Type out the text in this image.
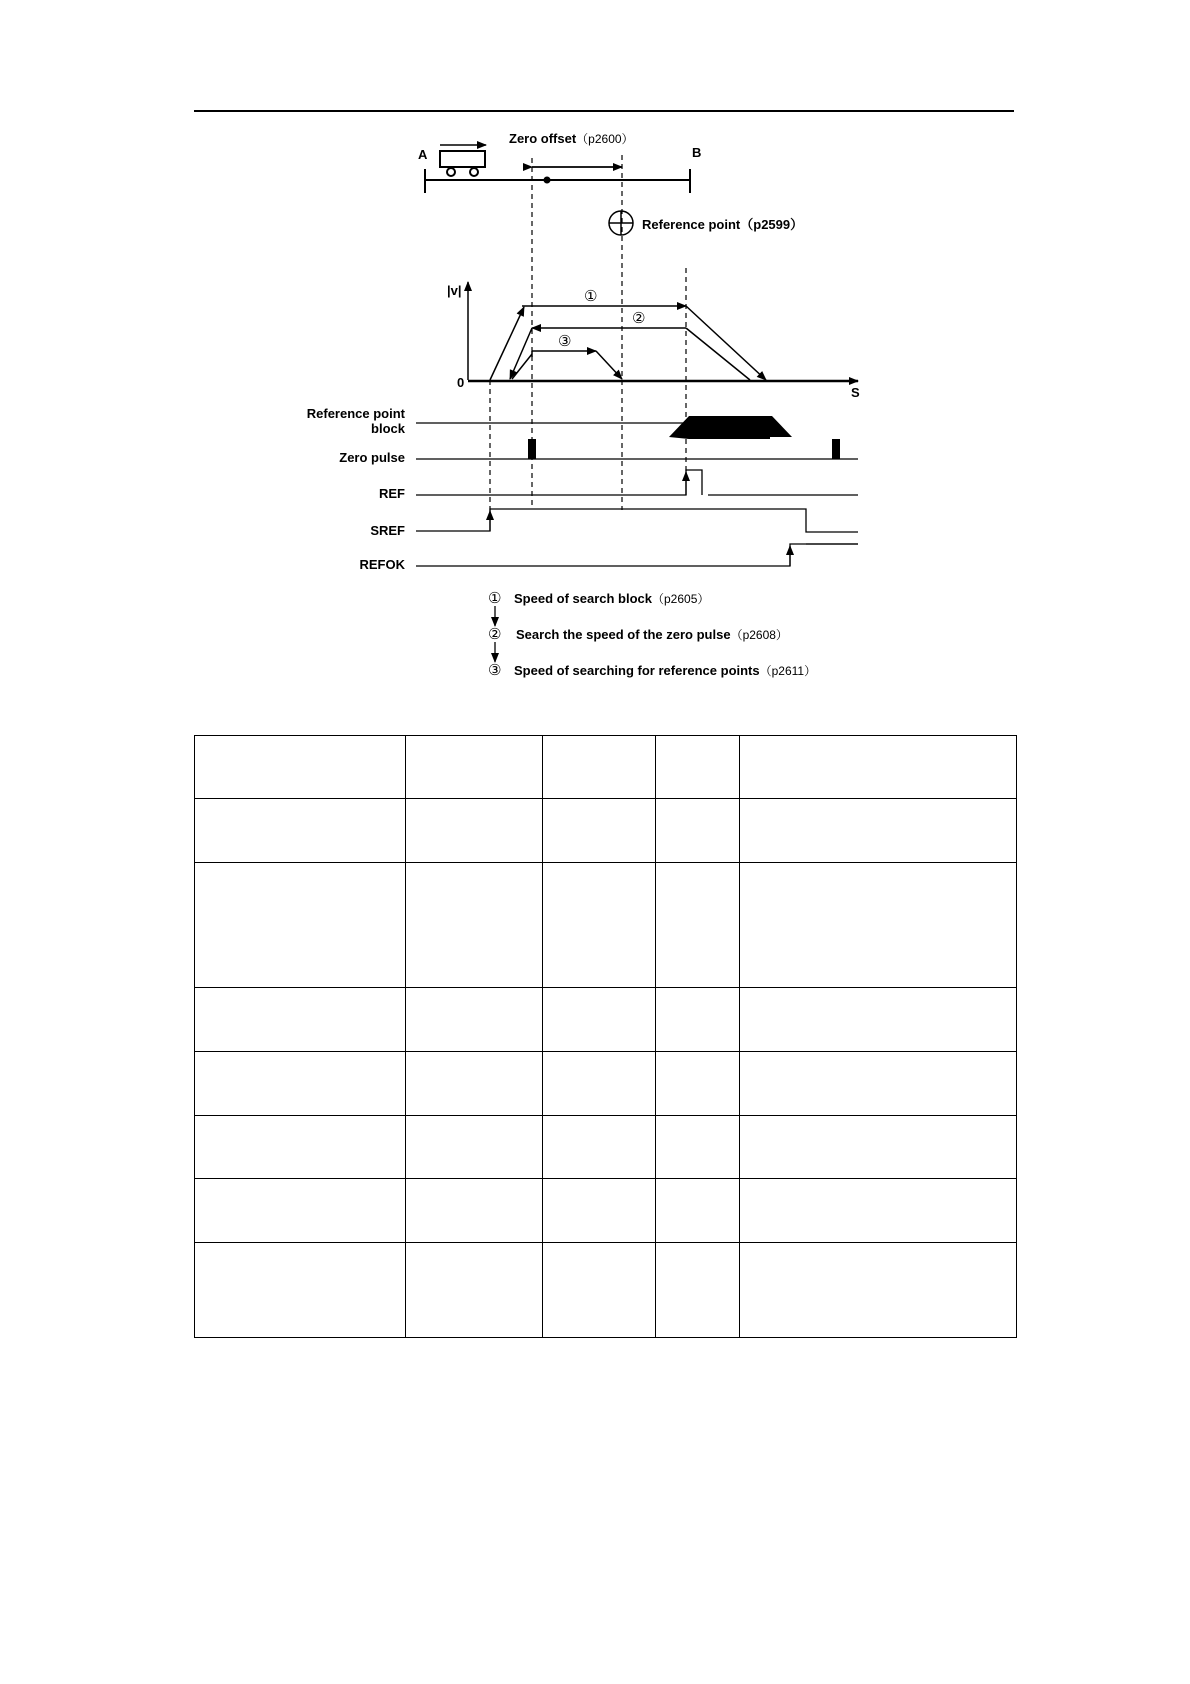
A	B
Zero offset（p2600）
Reference point（p2599）
|v|
0
S
①
②
③
Reference point
block
Zero pulse
REF
SREF
REFOK
① Speed of search block（p2605）
② Search the speed of the zero pulse（p2608）
③ Speed of searching for reference points（p2611）
